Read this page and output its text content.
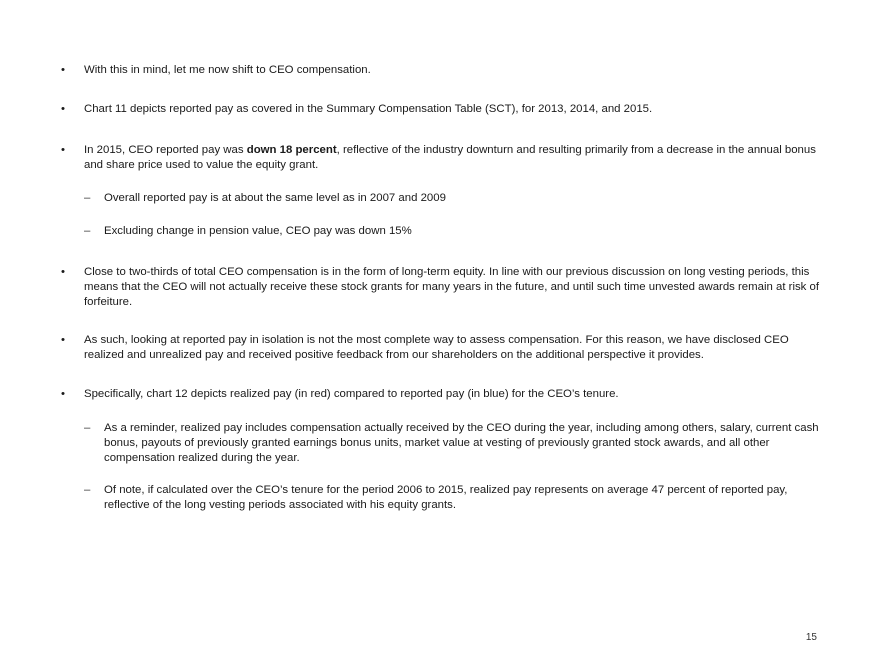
•	With this in mind, let me now shift to CEO compensation.
•	Chart 11 depicts reported pay as covered in the Summary Compensation Table (SCT), for 2013, 2014, and 2015.
•	In 2015, CEO reported pay was down 18 percent, reflective of the industry downturn and resulting primarily from a decrease in the annual bonus and share price used to value the equity grant.
–	Overall reported pay is at about the same level as in 2007 and 2009
–	Excluding change in pension value, CEO pay was down 15%
•	Close to two-thirds of total CEO compensation is in the form of long-term equity. In line with our previous discussion on long vesting periods, this means that the CEO will not actually receive these stock grants for many years in the future, and until such time unvested awards remain at risk of forfeiture.
•	As such, looking at reported pay in isolation is not the most complete way to assess compensation. For this reason, we have disclosed CEO realized and unrealized pay and received positive feedback from our shareholders on the additional perspective it provides.
•	Specifically, chart 12 depicts realized pay (in red) compared to reported pay (in blue) for the CEO’s tenure.
–	As a reminder, realized pay includes compensation actually received by the CEO during the year, including among others, salary, current cash bonus, payouts of previously granted earnings bonus units, market value at vesting of previously granted stock awards, and all other compensation realized during the year.
–	Of note, if calculated over the CEO’s tenure for the period 2006 to 2015, realized pay represents on average 47 percent of reported pay, reflective of the long vesting periods associated with his equity grants.
15
